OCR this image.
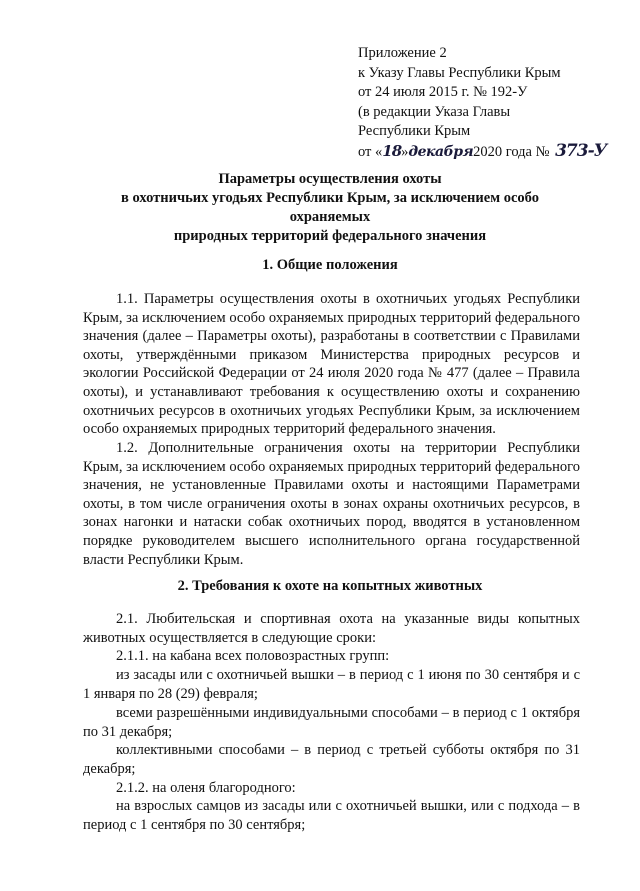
Приложение 2
к Указу Главы Республики Крым
от 24 июля 2015 г. № 192-У
(в редакции Указа Главы
Республики Крым
от «18»декабря2020 года № 373-У
Параметры осуществления охоты
в охотничьих угодьях Республики Крым, за исключением особо
охраняемых
природных территорий федерального значения
1. Общие положения
1.1. Параметры осуществления охоты в охотничьих угодьях Республики Крым, за исключением особо охраняемых природных территорий федерального значения (далее – Параметры охоты), разработаны в соответствии с Правилами охоты, утверждёнными приказом Министерства природных ресурсов и экологии Российской Федерации от 24 июля 2020 года № 477 (далее – Правила охоты), и устанавливают требования к осуществлению охоты и сохранению охотничьих ресурсов в охотничьих угодьях Республики Крым, за исключением особо охраняемых природных территорий федерального значения.
1.2. Дополнительные ограничения охоты на территории Республики Крым, за исключением особо охраняемых природных территорий федерального значения, не установленные Правилами охоты и настоящими Параметрами охоты, в том числе ограничения охоты в зонах охраны охотничьих ресурсов, в зонах нагонки и натаски собак охотничьих пород, вводятся в установленном порядке руководителем высшего исполнительного органа государственной власти Республики Крым.
2. Требования к охоте на копытных животных
2.1. Любительская и спортивная охота на указанные виды копытных животных осуществляется в следующие сроки:
2.1.1. на кабана всех половозрастных групп:
из засады или с охотничьей вышки – в период с 1 июня по 30 сентября и с 1 января по 28 (29) февраля;
всеми разрешёнными индивидуальными способами – в период с 1 октября по 31 декабря;
коллективными способами – в период с третьей субботы октября по 31 декабря;
2.1.2. на оленя благородного:
на взрослых самцов из засады или с охотничьей вышки, или с подхода – в период с 1 сентября по 30 сентября;
